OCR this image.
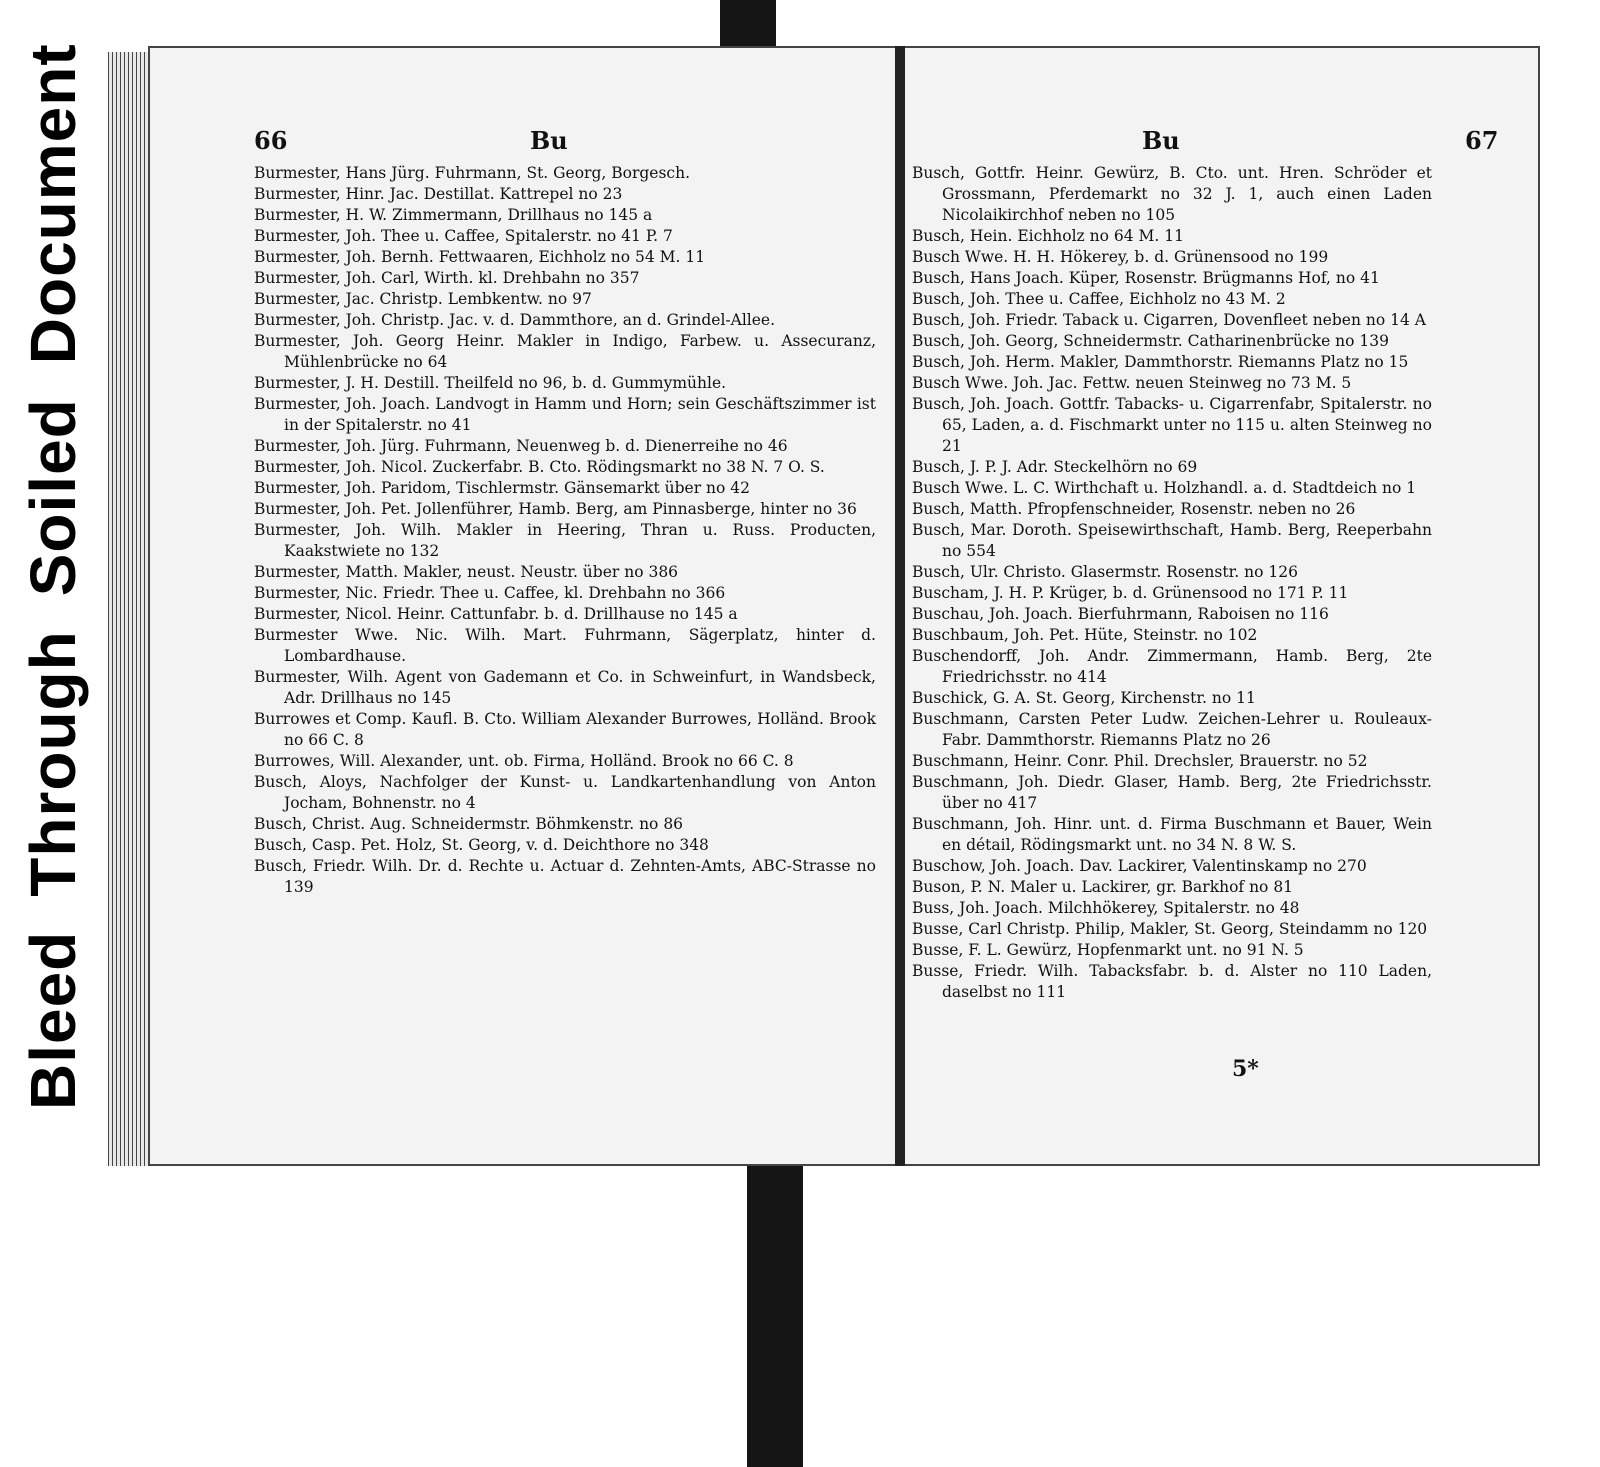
BleedThroughSoiledDocument	66	Bu
Burmester, Hans Jürg. Fuhrmann, St. Georg, Borgesch.
Burmester, Hinr. Jac. Destillat. Kattrepel no 23
Burmester, H. W. Zimmermann, Drillhaus no 145 a
Burmester, Joh. Thee u. Caffee, Spitalerstr. no 41 P. 7
Burmester, Joh. Bernh. Fettwaaren, Eichholz no 54 M. 11
Burmester, Joh. Carl, Wirth. kl. Drehbahn no 357
Burmester, Jac. Christp. Lembkentw. no 97
Burmester, Joh. Christp. Jac. v. d. Dammthore, an d. Grindel-Allee.
Burmester, Joh. Georg Heinr. Makler in Indigo, Farbew. u. Assecuranz, Mühlenbrücke no 64
Burmester, J. H. Destill. Theilfeld no 96, b. d. Gummymühle.
Burmester, Joh. Joach. Landvogt in Hamm und Horn; sein Geschäftszimmer ist in der Spitalerstr. no 41
Burmester, Joh. Jürg. Fuhrmann, Neuenweg b. d. Dienerreihe no 46
Burmester, Joh. Nicol. Zuckerfabr. B. Cto. Rödingsmarkt no 38 N. 7 O. S.
Burmester, Joh. Paridom, Tischlermstr. Gänsemarkt über no 42
Burmester, Joh. Pet. Jollenführer, Hamb. Berg, am Pinnasberge, hinter no 36
Burmester, Joh. Wilh. Makler in Heering, Thran u. Russ. Producten, Kaakstwiete no 132
Burmester, Matth. Makler, neust. Neustr. über no 386
Burmester, Nic. Friedr. Thee u. Caffee, kl. Drehbahn no 366
Burmester, Nicol. Heinr. Cattunfabr. b. d. Drillhause no 145 a
Burmester Wwe. Nic. Wilh. Mart. Fuhrmann, Sägerplatz, hinter d. Lombardhause.
Burmester, Wilh. Agent von Gademann et Co. in Schweinfurt, in Wandsbeck, Adr. Drillhaus no 145
Burrowes et Comp. Kaufl. B. Cto. William Alexander Burrowes, Holländ. Brook no 66 C. 8
Burrowes, Will. Alexander, unt. ob. Firma, Holländ. Brook no 66 C. 8
Busch, Aloys, Nachfolger der Kunst- u. Landkartenhandlung von Anton Jocham, Bohnenstr. no 4
Busch, Christ. Aug. Schneidermstr. Böhmkenstr. no 86
Busch, Casp. Pet. Holz, St. Georg, v. d. Deichthore no 348
Busch, Friedr. Wilh. Dr. d. Rechte u. Actuar d. Zehnten-Amts, ABC-Strasse no 139
Bu	67
Busch, Gottfr. Heinr. Gewürz, B. Cto. unt. Hren. Schröder et Grossmann, Pferdemarkt no 32 J. 1, auch einen Laden Nicolaikirchhof neben no 105
Busch, Hein. Eichholz no 64 M. 11
Busch Wwe. H. H. Hökerey, b. d. Grünensood no 199
Busch, Hans Joach. Küper, Rosenstr. Brügmanns Hof, no 41
Busch, Joh. Thee u. Caffee, Eichholz no 43 M. 2
Busch, Joh. Friedr. Taback u. Cigarren, Dovenfleet neben no 14 A
Busch, Joh. Georg, Schneidermstr. Catharinenbrücke no 139
Busch, Joh. Herm. Makler, Dammthorstr. Riemanns Platz no 15
Busch Wwe. Joh. Jac. Fettw. neuen Steinweg no 73 M. 5
Busch, Joh. Joach. Gottfr. Tabacks- u. Cigarrenfabr, Spitalerstr. no 65, Laden, a. d. Fischmarkt unter no 115 u. alten Steinweg no 21
Busch, J. P. J. Adr. Steckelhörn no 69
Busch Wwe. L. C. Wirthchaft u. Holzhandl. a. d. Stadtdeich no 1
Busch, Matth. Pfropfenschneider, Rosenstr. neben no 26
Busch, Mar. Doroth. Speisewirthschaft, Hamb. Berg, Reeperbahn no 554
Busch, Ulr. Christo. Glasermstr. Rosenstr. no 126
Buscham, J. H. P. Krüger, b. d. Grünensood no 171 P. 11
Buschau, Joh. Joach. Bierfuhrmann, Raboisen no 116
Buschbaum, Joh. Pet. Hüte, Steinstr. no 102
Buschendorff, Joh. Andr. Zimmermann, Hamb. Berg, 2te Friedrichsstr. no 414
Buschick, G. A. St. Georg, Kirchenstr. no 11
Buschmann, Carsten Peter Ludw. Zeichen-Lehrer u. Rouleaux-Fabr. Dammthorstr. Riemanns Platz no 26
Buschmann, Heinr. Conr. Phil. Drechsler, Brauerstr. no 52
Buschmann, Joh. Diedr. Glaser, Hamb. Berg, 2te Friedrichsstr. über no 417
Buschmann, Joh. Hinr. unt. d. Firma Buschmann et Bauer, Wein en détail, Rödingsmarkt unt. no 34 N. 8 W. S.
Buschow, Joh. Joach. Dav. Lackirer, Valentinskamp no 270
Buson, P. N. Maler u. Lackirer, gr. Barkhof no 81
Buss, Joh. Joach. Milchhökerey, Spitalerstr. no 48
Busse, Carl Christp. Philip, Makler, St. Georg, Steindamm no 120
Busse, F. L. Gewürz, Hopfenmarkt unt. no 91 N. 5
Busse, Friedr. Wilh. Tabacksfabr. b. d. Alster no 110 Laden, daselbst no 111
5*
